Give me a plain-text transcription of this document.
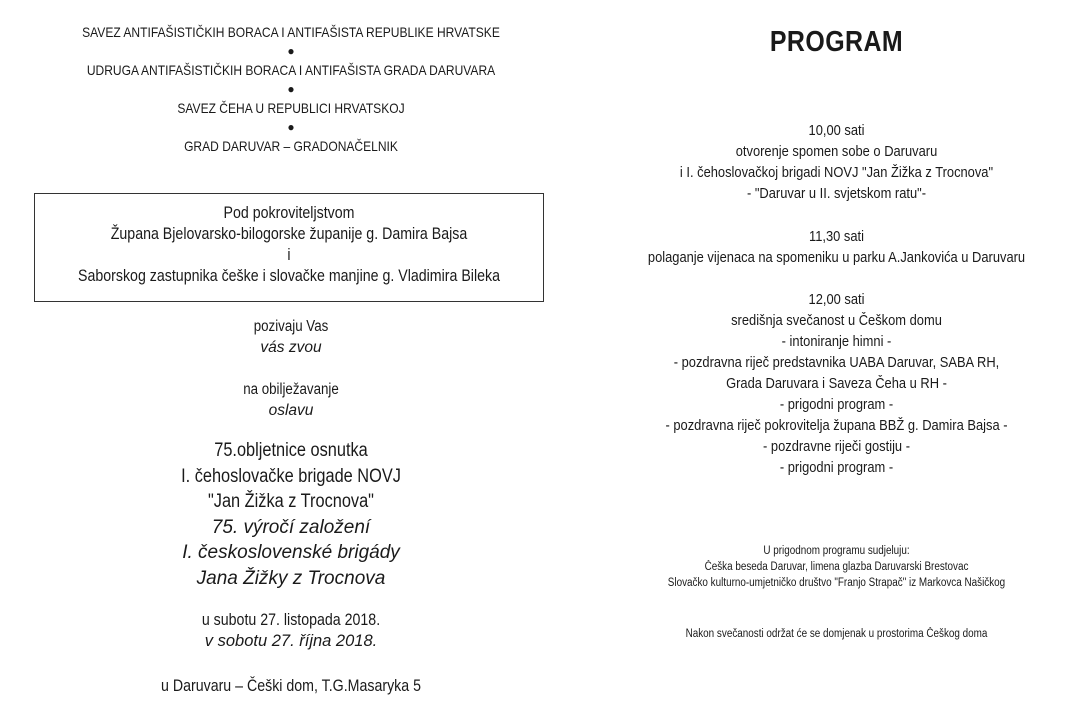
SAVEZ ANTIFAŠISTIČKIH BORACA I ANTIFAŠISTA REPUBLIKE HRVATSKE
●
UDRUGA ANTIFAŠISTIČKIH BORACA I ANTIFAŠISTA GRADA DARUVARA
●
SAVEZ ČEHA U REPUBLICI HRVATSKOJ
●
GRAD DARUVAR – GRADONAČELNIK
Pod pokroviteljstvom
Župana Bjelovarsko-bilogorske županije g. Damira Bajsa
i
Saborskog zastupnika češke i slovačke manjine g. Vladimira Bileka
pozivaju Vas
vás zvou
na obilježavanje
oslavu
75.obljetnice osnutka
I. čehoslovačke brigade NOVJ
"Jan Žižka z Trocnova"
75. výročí založení
I. československé brigády
Jana Žižky z Trocnova
u subotu 27. listopada 2018.
v sobotu 27. října 2018.
u Daruvaru – Češki dom, T.G.Masaryka 5
PROGRAM
10,00 sati
otvorenje spomen sobe o Daruvaru
i I. čehoslovačkoj brigadi NOVJ "Jan Žižka z Trocnova"
- "Daruvar u II. svjetskom ratu"-
11,30 sati
polaganje vijenaca na spomeniku u parku A.Jankovića u Daruvaru
12,00 sati
središnja svečanost u Češkom domu
- intoniranje himni -
- pozdravna riječ predstavnika UABA Daruvar, SABA RH,
Grada Daruvara i Saveza Čeha u RH -
- prigodni program -
- pozdravna riječ pokrovitelja župana BBŽ g. Damira Bajsa -
- pozdravne riječi gostiju -
- prigodni program -
U prigodnom programu sudjeluju:
Češka beseda Daruvar, limena glazba Daruvarski Brestovac
Slovačko kulturno-umjetničko društvo "Franjo Strapač" iz Markovca Našičkog
Nakon svečanosti održat će se domjenak u prostorima Češkog doma
